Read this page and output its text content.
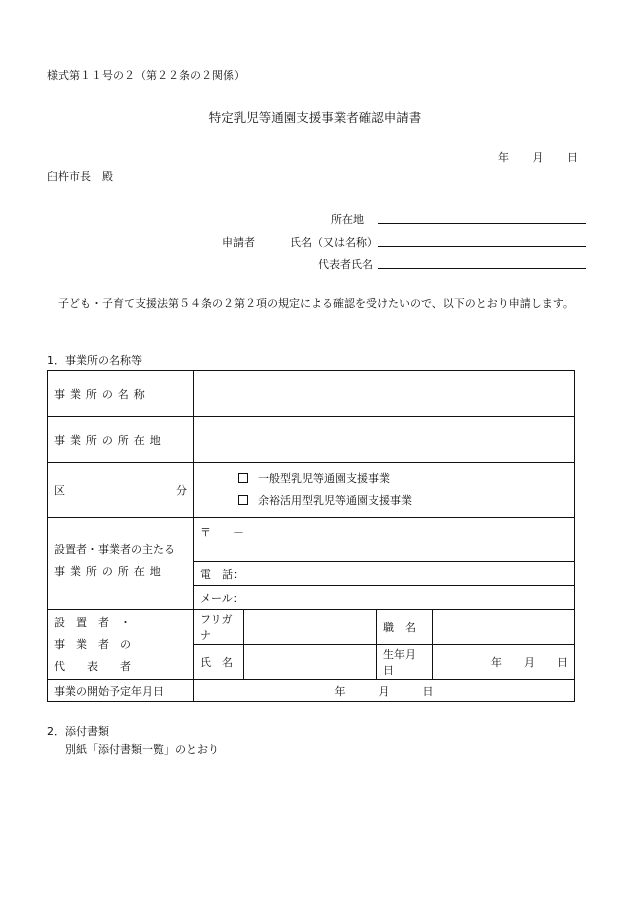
様式第１１号の２（第２２条の２関係）
特定乳児等通園支援事業者確認申請書
年 月 日
臼杵市長　殿
所在地
申請者	氏名（又は名称）
代表者氏名
子ども・子育て支援法第５４条の２第２項の規定による確認を受けたいので、以下のとおり申請します。
1．事業所の名称等
事業所の名称				
事業所の所在地				
区 分	一般型乳児等通園支援事業
余裕活用型乳児等通園支援事業			

設置者・事業者の主たる
事業所の所在地	〒　　－			
	電　話：			
	メール：			

設　置　者　・
事　業　者　の
代　　表　　者	フリガナ		職　名	
	氏　名		生年月日	年　　月　　日
事業の開始予定年月日	年　　　月　　　日			
2．添付書類
別紙「添付書類一覧」のとおり
